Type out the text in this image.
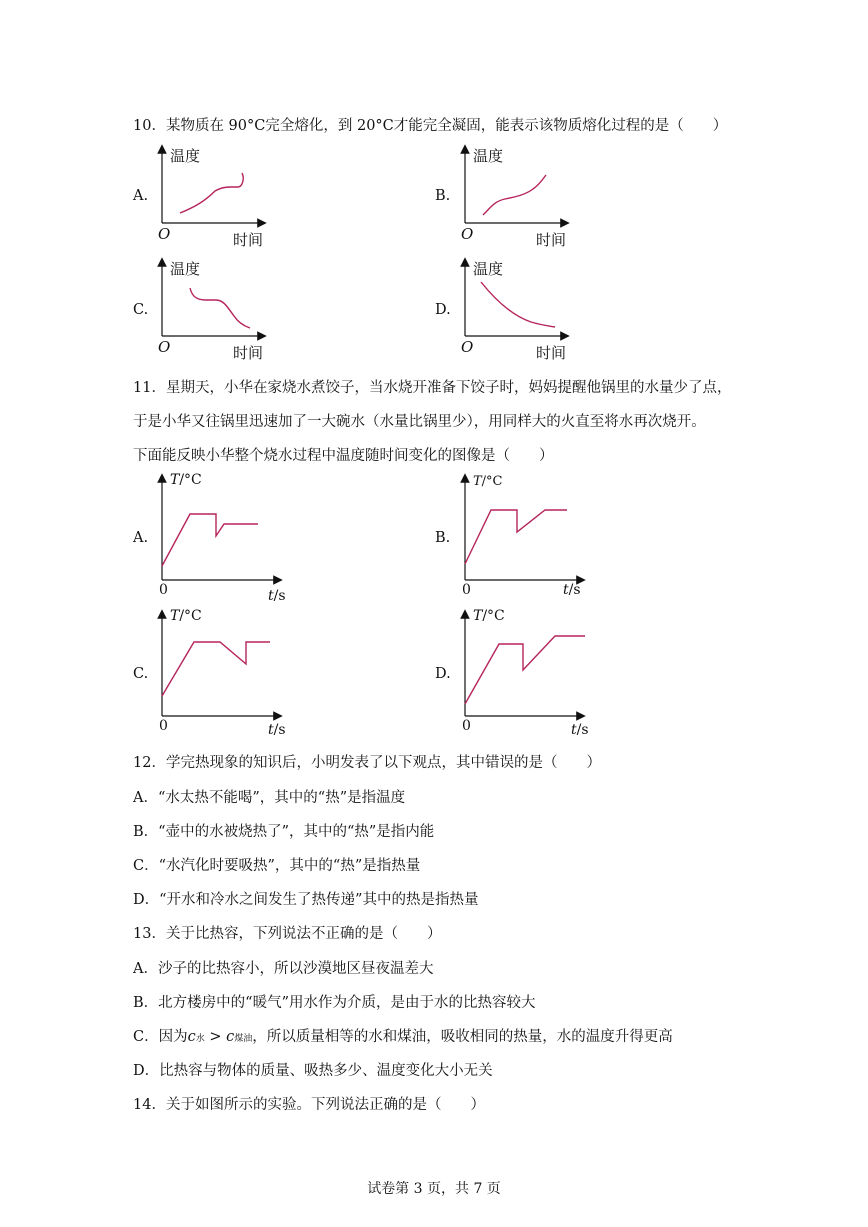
10．某物质在 90°C完全熔化，到 20°C才能完全凝固，能表示该物质熔化过程的是（　　）
A.	B.
C.	D.
温度
O	时间
温度
O	时间
温度
O	时间
温度
O	时间
11．星期天，小华在家烧水煮饺子，当水烧开准备下饺子时，妈妈提醒他锅里的水量少了点，
于是小华又往锅里迅速加了一大碗水（水量比锅里少），用同样大的火直至将水再次烧开。
下面能反映小华整个烧水过程中温度随时间变化的图像是（　　）
A.	B.
C.	D.
T/°C
0	t/s
T/°C
0	t/s
T/°C
0	t/s
T/°C
0	t/s
12．学完热现象的知识后，小明发表了以下观点，其中错误的是（　　）
A．“水太热不能喝”，其中的“热”是指温度
B．“壶中的水被烧热了”，其中的“热”是指内能
C．“水汽化时要吸热”，其中的“热”是指热量
D．“开水和冷水之间发生了热传递”其中的热是指热量
13．关于比热容，下列说法不正确的是（　　）
A．沙子的比热容小，所以沙漠地区昼夜温差大
B．北方楼房中的“暖气”用水作为介质，是由于水的比热容较大
C．因为c水 > c煤油，所以质量相等的水和煤油，吸收相同的热量，水的温度升得更高
D．比热容与物体的质量、吸热多少、温度变化大小无关
14．关于如图所示的实验。下列说法正确的是（　　）
试卷第 3 页，共 7 页
